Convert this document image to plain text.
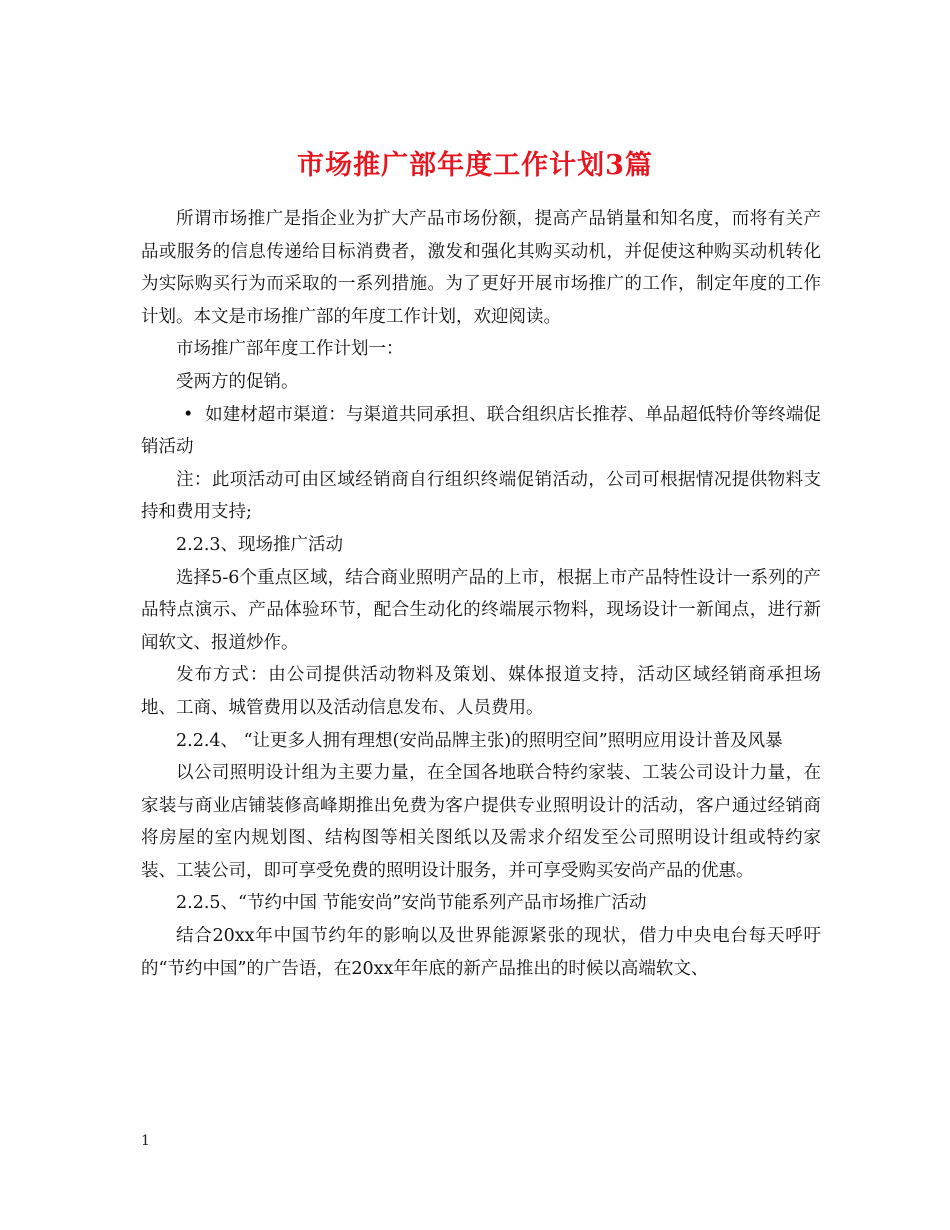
市场推广部年度工作计划3篇

所谓市场推广是指企业为扩大产品市场份额，提高产品销量和知名度，而将有关产品或服务的信息传递给目标消费者，激发和强化其购买动机，并促使这种购买动机转化为实际购买行为而采取的一系列措施。为了更好开展市场推广的工作，制定年度的工作计划。本文是市场推广部的年度工作计划，欢迎阅读。

市场推广部年度工作计划一：

受两方的促销。

• 如建材超市渠道：与渠道共同承担、联合组织店长推荐、单品超低特价等终端促销活动

注：此项活动可由区域经销商自行组织终端促销活动，公司可根据情况提供物料支持和费用支持;

2.2.3、现场推广活动

选择5-6个重点区域，结合商业照明产品的上市，根据上市产品特性设计一系列的产品特点演示、产品体验环节，配合生动化的终端展示物料，现场设计一新闻点，进行新闻软文、报道炒作。

发布方式：由公司提供活动物料及策划、媒体报道支持，活动区域经销商承担场地、工商、城管费用以及活动信息发布、人员费用。

2.2.4、 “让更多人拥有理想(安尚品牌主张)的照明空间”照明应用设计普及风暴

以公司照明设计组为主要力量，在全国各地联合特约家装、工装公司设计力量，在家装与商业店铺装修高峰期推出免费为客户提供专业照明设计的活动，客户通过经销商将房屋的室内规划图、结构图等相关图纸以及需求介绍发至公司照明设计组或特约家装、工装公司，即可享受免费的照明设计服务，并可享受购买安尚产品的优惠。

2.2.5、“节约中国 节能安尚”安尚节能系列产品市场推广活动

结合20xx年中国节约年的影响以及世界能源紧张的现状，借力中央电台每天呼吁的“节约中国”的广告语，在20xx年年底的新产品推出的时候以高端软文、

1
